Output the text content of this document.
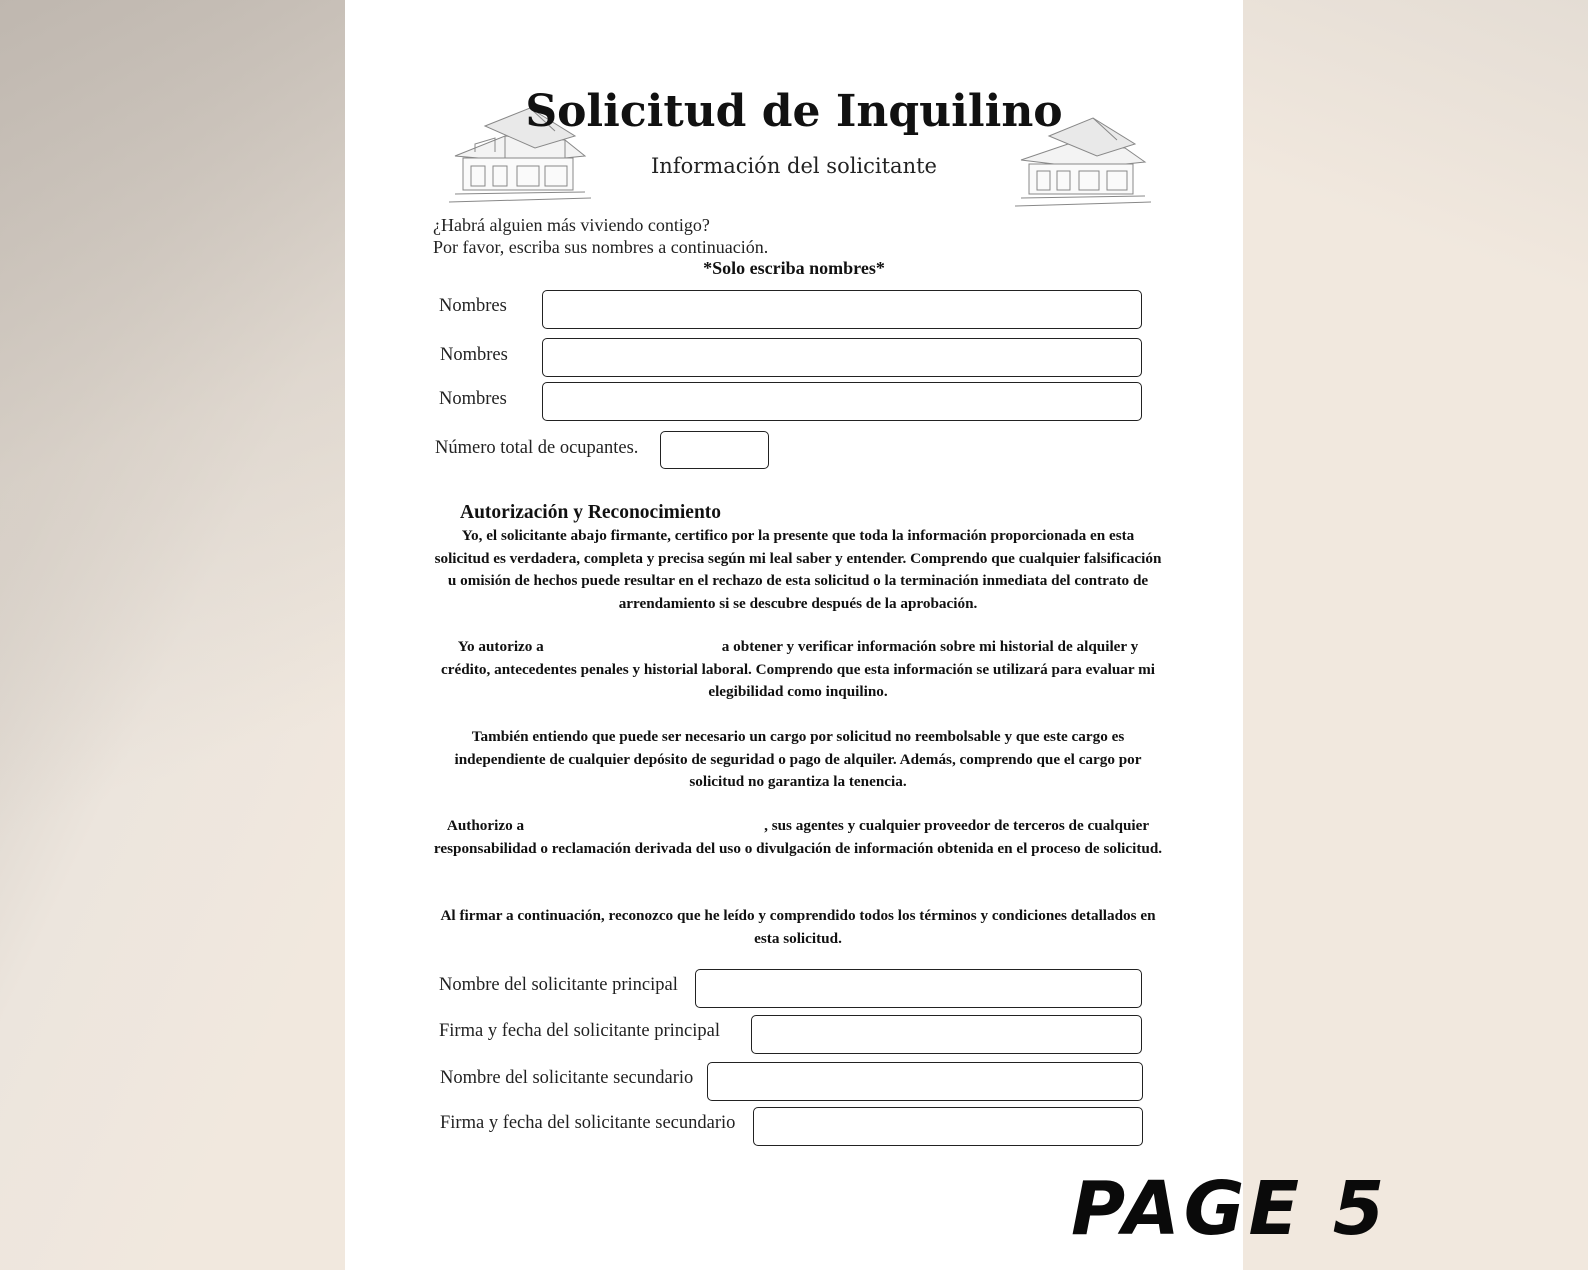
Solicitud de Inquilino
Información del solicitante
¿Habrá alguien más viviendo contigo?
Por favor, escriba sus nombres a continuación.
*Solo escriba nombres*
Nombres
Nombres
Nombres
Número total de ocupantes.
Autorización y Reconocimiento
Yo, el solicitante abajo firmante, certifico por la presente que toda la información proporcionada en esta solicitud es verdadera, completa y precisa según mi leal saber y entender. Comprendo que cualquier falsificación u omisión de hechos puede resultar en el rechazo de esta solicitud o la terminación inmediata del contrato de arrendamiento si se descubre después de la aprobación.
Yo autorizo a	a obtener y verificar información sobre mi historial de alquiler y crédito, antecedentes penales y historial laboral. Comprendo que esta información se utilizará para evaluar mi elegibilidad como inquilino.
También entiendo que puede ser necesario un cargo por solicitud no reembolsable y que este cargo es independiente de cualquier depósito de seguridad o pago de alquiler. Además, comprendo que el cargo por solicitud no garantiza la tenencia.
Authorizo a	, sus agentes y cualquier proveedor de terceros de cualquier responsabilidad o reclamación derivada del uso o divulgación de información obtenida en el proceso de solicitud.
Al firmar a continuación, reconozco que he leído y comprendido todos los términos y condiciones detallados en esta solicitud.
Nombre del solicitante principal
Firma y fecha del solicitante principal
Nombre del solicitante secundario
Firma y fecha del solicitante secundario
PAGE 5
